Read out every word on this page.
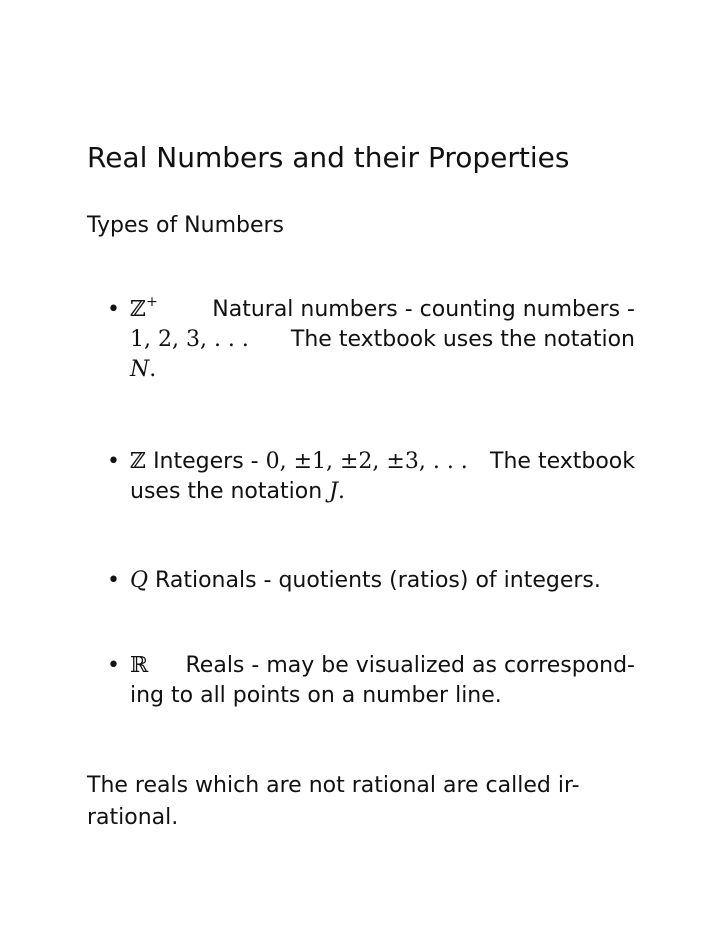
Real Numbers and their Properties
Types of Numbers
• ℤ+ Natural numbers - counting numbers -
1, 2, 3, . . . The textbook uses the notation
N.
• ℤ Integers - 0, ±1, ±2, ±3, . . . The textbook
uses the notation J.
• Q Rationals - quotients (ratios) of integers.
• ℝ Reals - may be visualized as correspond-
ing to all points on a number line.
The reals which are not rational are called ir-
rational.
